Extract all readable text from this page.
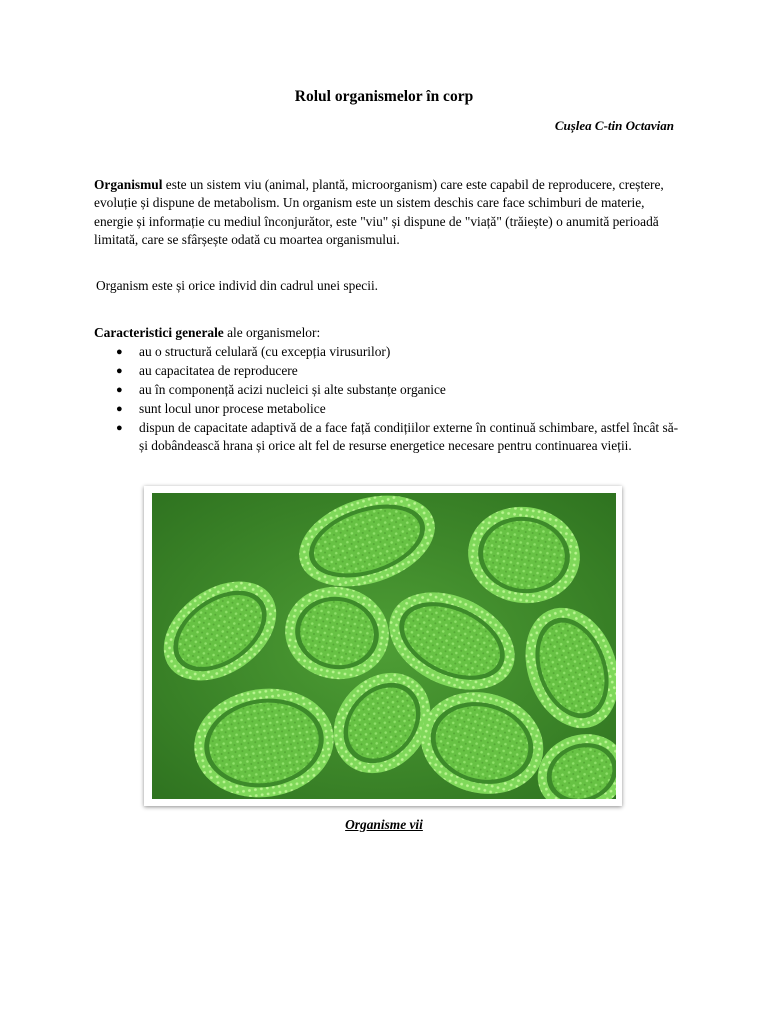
Rolul organismelor în corp
Cușlea C-tin Octavian

Organismul este un sistem viu (animal, plantă, microorganism) care este capabil de reproducere, creștere, evoluție și dispune de metabolism. Un organism este un sistem deschis care face schimburi de materie, energie și informație cu mediul înconjurător, este "viu" și dispune de "viață" (trăiește) o anumită perioadă limitată, care se sfârșește odată cu moartea organismului.

Organism este și orice individ din cadrul unei specii.

Caracteristici generale ale organismelor:

● au o structură celulară (cu excepția virusurilor)
● au capacitatea de reproducere
● au în componență acizi nucleici și alte substanțe organice
● sunt locul unor procese metabolice
● dispun de capacitate adaptivă de a face față condițiilor externe în continuă schimbare, astfel încât să-și dobândească hrana și orice alt fel de resurse energetice necesare pentru continuarea vieții.
Organisme vii
